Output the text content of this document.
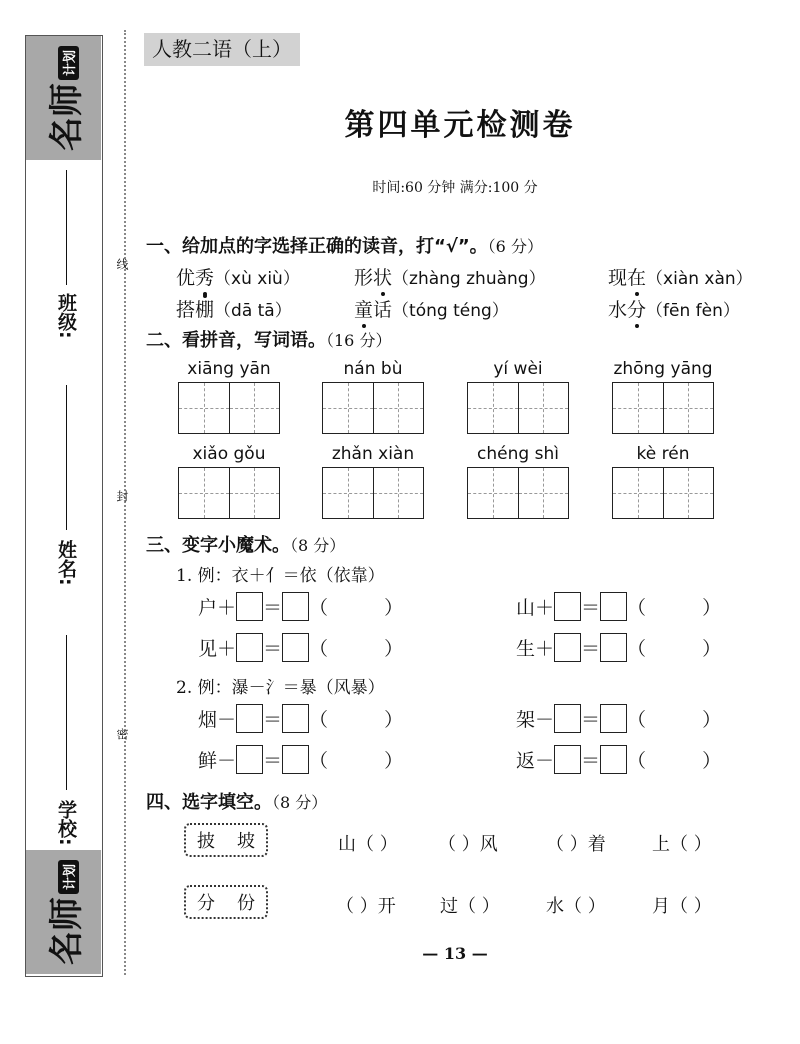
名师计划
名师计划
班级:
姓名:
学校:
线
封
密
人教二语（上）
第四单元检测卷
时间:60 分钟 满分:100 分
一、给加点的字选择正确的读音，打“√”。（6 分）
优秀（xù xiù）	形状（zhàng zhuàng）	现在（xiàn xàn）
搭棚（dā tā）	童话（tóng téng）	水分（fēn fèn）
二、看拼音，写词语。（16 分）
xiāng yān	nán bù	yí wèi	zhōng yāng
xiǎo gǒu	zhǎn xiàn	chéng shì	kè rén
三、变字小魔术。（8 分）
1. 例：衣＋亻＝依（依靠）
户 ＋ ＝ （	）	山 ＋ ＝ （	）
见 ＋ ＝ （	）	生 ＋ ＝ （	）
2. 例：瀑－氵＝暴（风暴）
烟 － ＝ （	）	架 － ＝ （	）
鲜 － ＝ （	）	返 － ＝ （	）
四、选字填空。（8 分）
披 坡	山（ ） （ ）风	（ ）着	上（ ）
分 份	（ ）开 过（ ）	水（ ）	月（ ）
— 13 —
